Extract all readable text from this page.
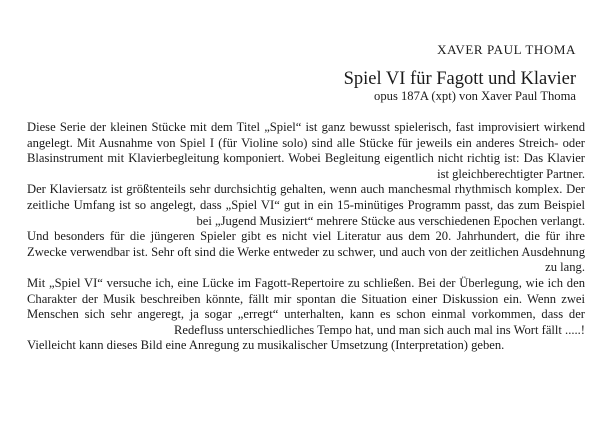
XAVER PAUL THOMA
Spiel VI für Fagott und Klavier
opus 187A (xpt) von Xaver Paul Thoma

Diese Serie der kleinen Stücke mit dem Titel „Spiel“ ist ganz bewusst spielerisch, fast improvisiert wirkend angelegt. Mit Ausnahme von Spiel I (für Violine solo) sind alle Stücke für jeweils ein anderes Streich- oder Blasinstrument mit Klavierbegleitung komponiert. Wobei Begleitung eigentlich nicht richtig ist: Das Klavier ist gleichberechtigter Partner.

Der Klaviersatz ist größtenteils sehr durchsichtig gehalten, wenn auch manchesmal rhythmisch komplex. Der zeitliche Umfang ist so angelegt, dass „Spiel VI“ gut in ein 15-minütiges Programm passt, das zum Beispiel bei „Jugend Musiziert“ mehrere Stücke aus verschiedenen Epochen verlangt.

Und besonders für die jüngeren Spieler gibt es nicht viel Literatur aus dem 20. Jahrhundert, die für ihre Zwecke verwendbar ist. Sehr oft sind die Werke entweder zu schwer, und auch von der zeitlichen Ausdehnung zu lang.

Mit „Spiel VI“ versuche ich, eine Lücke im Fagott-Repertoire zu schließen. Bei der Überlegung, wie ich den Charakter der Musik beschreiben könnte, fällt mir spontan die Situation einer Diskussion ein. Wenn zwei Menschen sich sehr angeregt, ja sogar „erregt“ unterhalten, kann es schon einmal vorkommen, dass der Redefluss unterschiedliches Tempo hat, und man sich auch mal ins Wort fällt .....!

Vielleicht kann dieses Bild eine Anregung zu musikalischer Umsetzung (Interpretation) geben.
